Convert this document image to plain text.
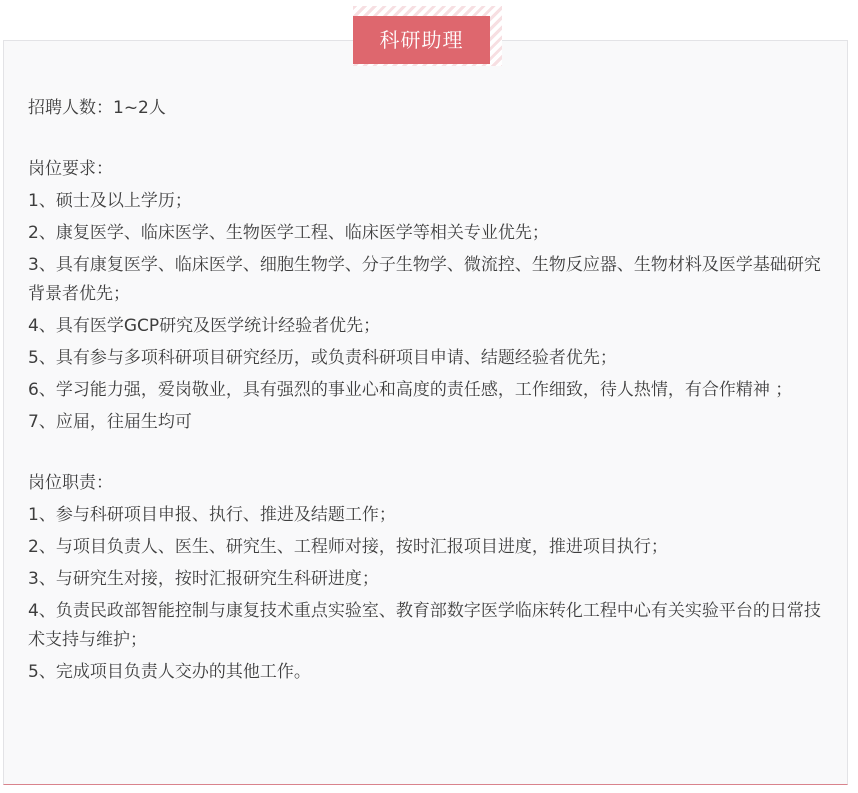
科研助理

招聘人数：1~2人

岗位要求：

1、硕士及以上学历；

2、康复医学、临床医学、生物医学工程、临床医学等相关专业优先；

3、具有康复医学、临床医学、细胞生物学、分子生物学、微流控、生物反应器、生物材料及医学基础研究背景者优先；

4、具有医学GCP研究及医学统计经验者优先；

5、具有参与多项科研项目研究经历，或负责科研项目申请、结题经验者优先；

6、学习能力强，爱岗敬业，具有强烈的事业心和高度的责任感，工作细致，待人热情，有合作精神 ；

7、应届，往届生均可

岗位职责：

1、参与科研项目申报、执行、推进及结题工作；

2、与项目负责人、医生、研究生、工程师对接，按时汇报项目进度，推进项目执行；

3、与研究生对接，按时汇报研究生科研进度；

4、负责民政部智能控制与康复技术重点实验室、教育部数字医学临床转化工程中心有关实验平台的日常技术支持与维护；

5、完成项目负责人交办的其他工作。
